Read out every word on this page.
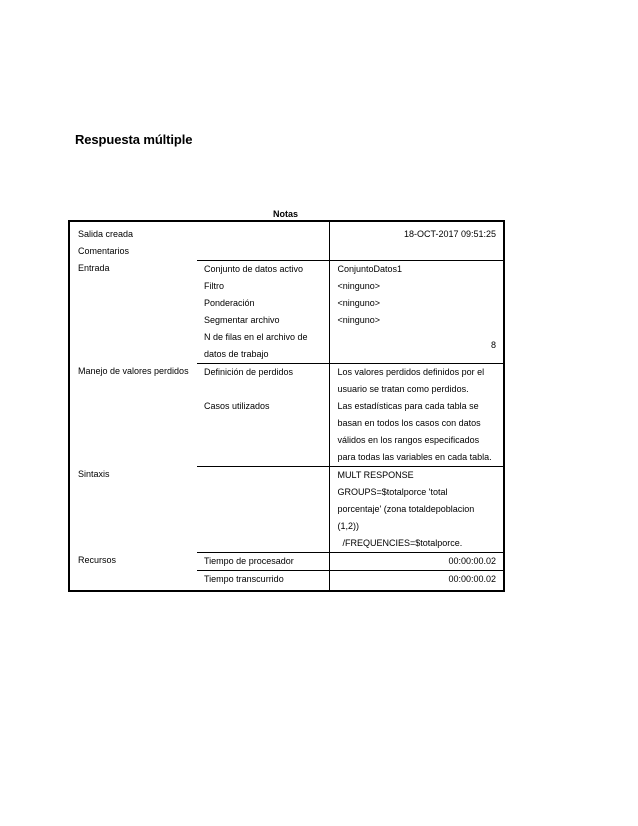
Respuesta múltiple
Notas
Salida creada		18-OCT-2017 09:51:25
Comentarios		
Entrada	Conjunto de datos activo	ConjuntoDatos1
	Filtro	<ninguno>
	Ponderación	<ninguno>
	Segmentar archivo	<ninguno>
	N de filas en el archivo de datos de trabajo	8
Manejo de valores perdidos	Definición de perdidos	Los valores perdidos definidos por el usuario se tratan como perdidos.
	Casos utilizados	Las estadísticas para cada tabla se basan en todos los casos con datos válidos en los rangos especificados para todas las variables en cada tabla.
Sintaxis		MULT RESPONSE
GROUPS=$totalporce 'total
porcentaje' (zona totaldepoblacion
(1,2))
/FREQUENCIES=$totalporce.

Recursos	Tiempo de procesador	00:00:00.02
	Tiempo transcurrido	00:00:00.02
